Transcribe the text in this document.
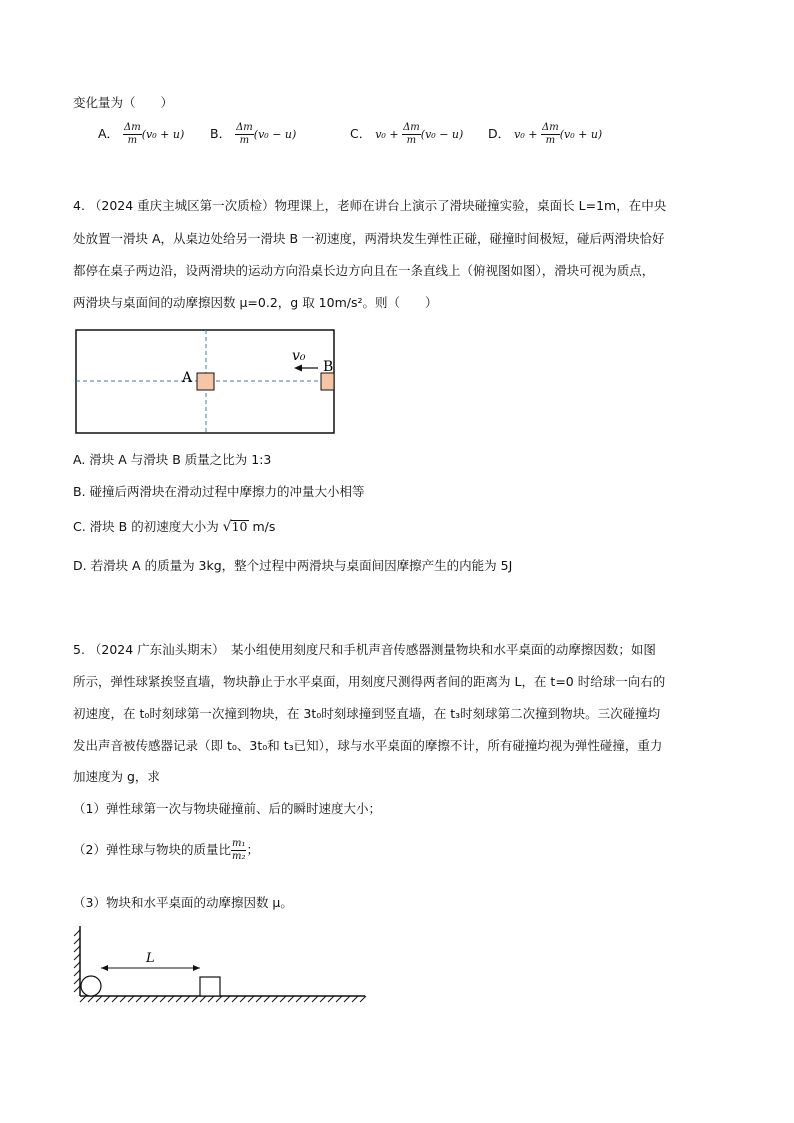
变化量为（　　）
A． $\frac{\Delta m}{m} (v_0 + u)$ B． $\frac{\Delta m}{m} (v_0 - u)$	C． $v_0 + \frac{\Delta m}{m} (v_0 - u)$ D． $v_0 + \frac{\Delta m}{m} (v_0 + u)$
4. （2024 重庆主城区第一次质检）物理课上，老师在讲台上演示了滑块碰撞实验，桌面长 L=1m，在中央
处放置一滑块 A，从桌边处给另一滑块 B 一初速度，两滑块发生弹性正碰，碰撞时间极短，碰后两滑块恰好
都停在桌子两边沿，设两滑块的运动方向沿桌长边方向且在一条直线上（俯视图如图），滑块可视为质点，
两滑块与桌面间的动摩擦因数 μ=0.2，g 取 10m/s²。则（　　）
A
B
v₀
A. 滑块 A 与滑块 B 质量之比为 1:3
B. 碰撞后两滑块在滑动过程中摩擦力的冲量大小相等
C. 滑块 B 的初速度大小为 √10 m/s
D. 若滑块 A 的质量为 3kg，整个过程中两滑块与桌面间因摩擦产生的内能为 5J
5. （2024 广东汕头期末）　某小组使用刻度尺和手机声音传感器测量物块和水平桌面的动摩擦因数；如图
所示，弹性球紧挨竖直墙，物块静止于水平桌面，用刻度尺测得两者间的距离为 L，在 t=0 时给球一向右的
初速度，在 t₀时刻球第一次撞到物块，在 3t₀时刻球撞到竖直墙，在 t₃时刻球第二次撞到物块。三次碰撞均
发出声音被传感器记录（即 t₀、3t₀和 t₃已知），球与水平桌面的摩擦不计，所有碰撞均视为弹性碰撞，重力
加速度为 g，求
（1）弹性球第一次与物块碰撞前、后的瞬时速度大小；
（2）弹性球与物块的质量比 $\frac{\text{m₁}}{\text{m₂}}$ ；
（3）物块和水平桌面的动摩擦因数 μ。
L
